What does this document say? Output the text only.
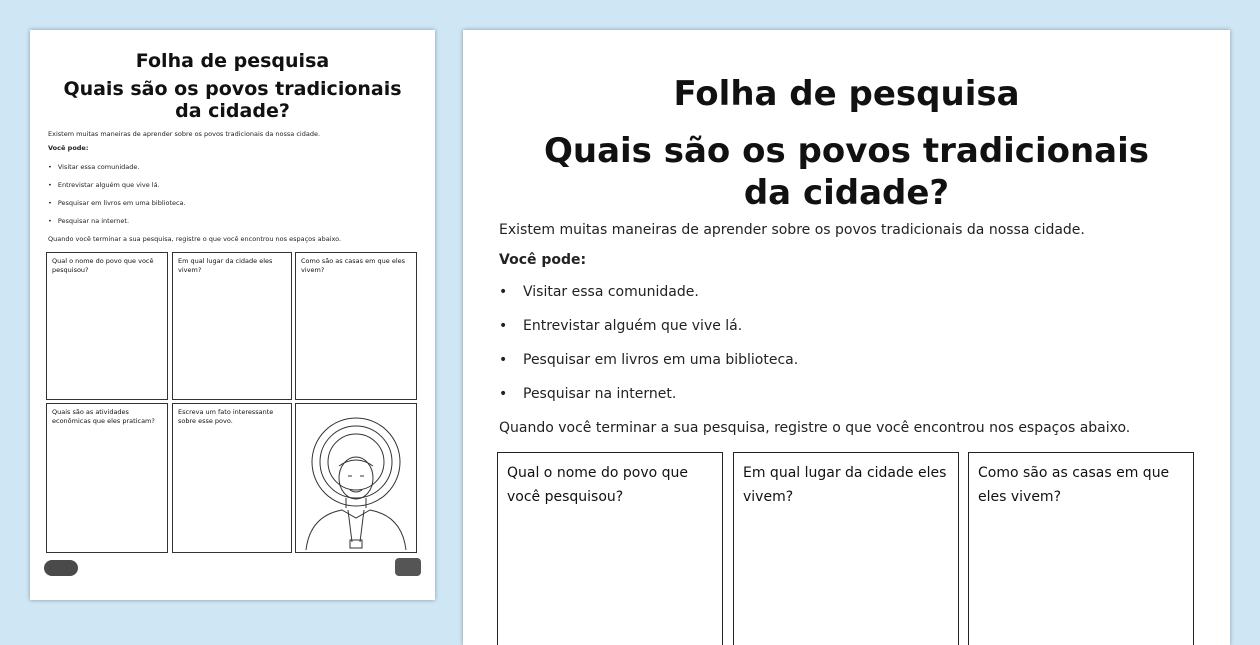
Folha de pesquisa
Quais são os povos tradicionais
da cidade?
Existem muitas maneiras de aprender sobre os povos tradicionais da nossa cidade.
Você pode:
• Visitar essa comunidade.
• Entrevistar alguém que vive lá.
• Pesquisar em livros em uma biblioteca.
• Pesquisar na internet.
Quando você terminar a sua pesquisa, registre o que você encontrou nos espaços abaixo.
Qual o nome do povo que você pesquisou?
Em qual lugar da cidade eles vivem?
Como são as casas em que eles vivem?
Quais são as atividades econômicas que eles praticam?
Escreva um fato interessante sobre esse povo.
Folha de pesquisa
Quais são os povos tradicionais
da cidade?
Existem muitas maneiras de aprender sobre os povos tradicionais da nossa cidade.
Você pode:
• Visitar essa comunidade.
• Entrevistar alguém que vive lá.
• Pesquisar em livros em uma biblioteca.
• Pesquisar na internet.
Quando você terminar a sua pesquisa, registre o que você encontrou nos espaços abaixo.
Qual o nome do povo que você pesquisou?
Em qual lugar da cidade eles vivem?
Como são as casas em que eles vivem?
